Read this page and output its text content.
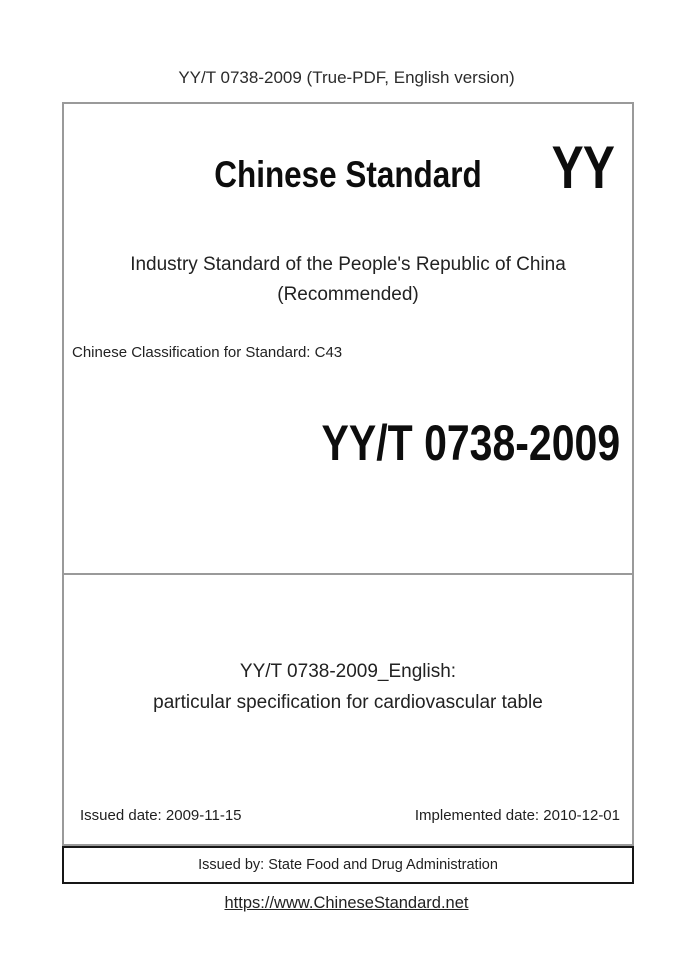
YY/T 0738-2009 (True-PDF, English version)
Chinese Standard	YY
Industry Standard of the People's Republic of China
(Recommended)
Chinese Classification for Standard: C43
YY/T 0738-2009
YY/T 0738-2009_English:
particular specification for cardiovascular table
Issued date: 2009-11-15	Implemented date: 2010-12-01
Issued by: State Food and Drug Administration
https://www.ChineseStandard.net
